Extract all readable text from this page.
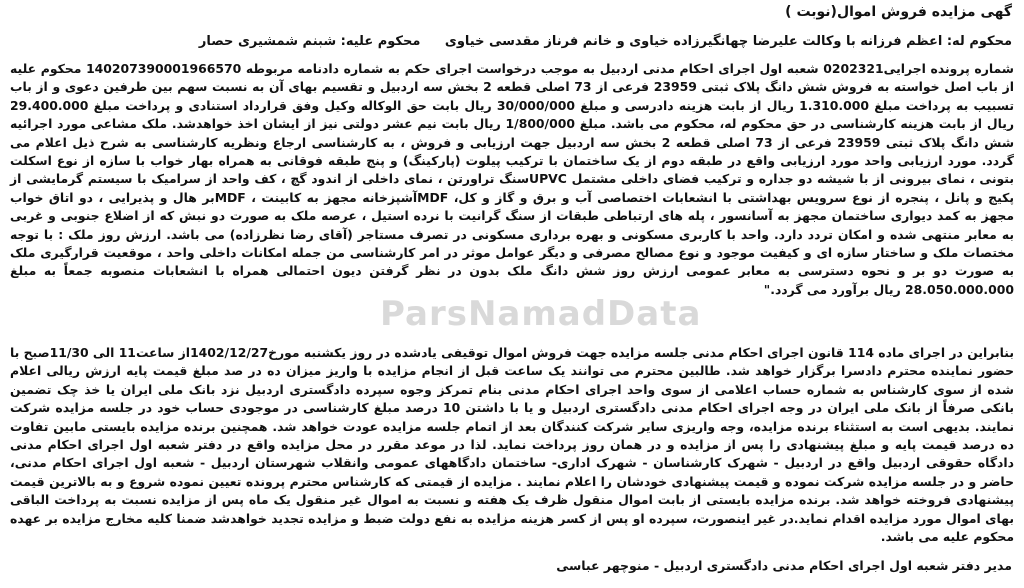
گهی مزایده فروش اموال(نوبت )
محکوم له: اعظم فرزانه با وکالت علیرضا چهانگیرزاده خیاوی و خانم فرناز مقدسی خیاوی محکوم علیه: شبنم شمشیری حصار
شماره پرونده اجرایی0202321 شعبه اول اجرای احکام مدنی اردبیل به موجب درخواست اجرای حکم به شماره دادنامه مربوطه 140207390001966570 محکوم علیه از باب اصل خواسته به فروش شش دانگ پلاک ثبتی 23959 فرعی از 73 اصلی قطعه 2 بخش سه اردبیل و تقسیم بهای آن به نسبت سهم بین طرفین دعوی و از باب تسبیب به پرداخت مبلغ 1.310.000 ریال از بابت هزینه دادرسی و مبلغ 30/000/000 ریال بابت حق الوکاله وکیل وفق قرارداد استنادی و پرداخت مبلغ 29.400.000 ریال از بابت هزینه کارشناسی در حق محکوم له، محکوم می باشد. مبلغ 1/800/000 ریال بابت نیم عشر دولتی نیز از ایشان اخذ خواهدشد. ملک مشاعی مورد اجرائیه شش دانگ پلاک ثبتی 23959 فرعی از 73 اصلی قطعه 2 بخش سه اردبیل جهت ارزیابی و فروش ، به کارشناسی ارجاع ونظریه کارشناسی به شرح ذیل اعلام می گردد. مورد ارزیابی واحد مورد ارزیابی واقع در طبقه دوم از یک ساختمان با ترکیب پیلوت (پارکینگ) و پنج طبقه فوقانی به همراه بهار خواب با سازه از نوع اسکلت بتونی ، نمای بیرونی از با شیشه دو جداره و ترکیب فضای داخلی مشتمل UPVCسنگ تراورتن ، نمای داخلی از اندود گچ ، کف واحد از سرامیک با سیستم گرمایشی از پکیج و پانل ، پنجره از نوع سرویس بهداشتی با انشعابات اختصاصی آب و برق و گاز و کل، MDFآشپزخانه مجهز به کابینت ، MDFبر هال و پذیرایی ، دو اتاق خواب مجهز به کمد دیواری ساختمان مجهز به آسانسور ، پله های ارتباطی طبقات از سنگ گرانیت با نرده استیل ، عرصه ملک به صورت دو نبش که از اضلاع جنوبی و غربی به معابر منتهی شده و امکان تردد دارد. واحد با کاربری مسکونی و بهره برداری مسکونی در تصرف مستاجر (آقای رضا نظرزاده) می باشد. ارزش روز ملک : با توجه مختصات ملک و ساختار سازه ای و کیفیت موجود و نوع مصالح مصرفی و دیگر عوامل موثر در امر کارشناسی من جمله امکانات داخلی واحد ، موقعیت قرارگیری ملک به صورت دو بر و نحوه دسترسی به معابر عمومی ارزش روز شش دانگ ملک بدون در نظر گرفتن دیون احتمالی همراه با انشعابات منصوبه جمعاً به مبلغ 28.050.000.000 ریال برآورد می گردد."
بنابراین در اجرای ماده 114 قانون اجرای احکام مدنی جلسه مزایده جهت فروش اموال توقیفی یادشده در روز یکشنبه مورخ1402/12/27از ساعت11 الی 11/30صبح با حضور نماینده محترم دادسرا برگزار خواهد شد. طالبین محترم می توانند یک ساعت قبل از انجام مزایده با واریز میزان ده در صد مبلغ قیمت پایه ارزش ریالی اعلام شده از سوی کارشناس به شماره حساب اعلامی از سوی واحد اجرای احکام مدنی بنام تمرکز وجوه سپرده دادگستری اردبیل نزد بانک ملی ایران یا خذ چک تضمین بانکی صرفاً از بانک ملی ایران در وجه اجرای احکام مدنی دادگستری اردبیل و یا با داشتن 10 درصد مبلغ کارشناسی در موجودی حساب خود در جلسه مزایده شرکت نمایند. بدیهی است به استثناء برنده مزایده، وجه واریزی سایر شرکت کنندگان بعد از اتمام جلسه مزایده عودت خواهد شد. همچنین برنده مزایده بایستی مابین تفاوت ده درصد قیمت پایه و مبلغ پیشنهادی را پس از مزایده و در همان روز پرداخت نماید. لذا در موعد مقرر در محل مزایده واقع در دفتر شعبه اول اجرای احکام مدنی دادگاه حقوقی اردبیل واقع در اردبیل - شهرک کارشناسان - شهرک اداری- ساختمان دادگاههای عمومی وانقلاب شهرستان اردبیل - شعبه اول اجرای احکام مدنی، حاضر و در جلسه مزایده شرکت نموده و قیمت پیشنهادی خودشان را اعلام نمایند . مزایده از قیمتی که کارشناس محترم پرونده تعیین نموده شروع و به بالاترین قیمت پیشنهادی فروخته خواهد شد. برنده مزایده بایستی از بابت اموال منقول ظرف یک هفته و نسبت به اموال غیر منقول یک ماه پس از مزایده نسبت به پرداخت الباقی بهای اموال مورد مزایده اقدام نماید.در غیر اینصورت، سپرده او پس از کسر هزینه مزایده به نفع دولت ضبط و مزایده تجدید خواهدشد ضمنا کلیه مخارج مزایده بر عهده محکوم علیه می باشد.
مدیر دفتر شعبه اول اجرای احکام مدنی دادگستری اردبیل - منوچهر عباسی
ParsNamadData
